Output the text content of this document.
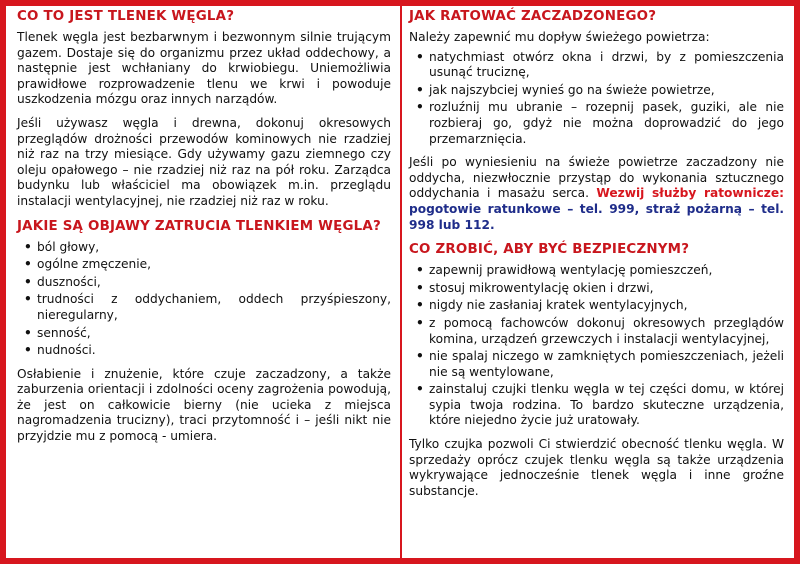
CO TO JEST TLENEK WĘGLA?

Tlenek węgla jest bezbarwnym i bezwonnym silnie trującym gazem. Dostaje się do organizmu przez układ oddechowy, a następnie jest wchłaniany do krwiobiegu. Uniemożliwia prawidłowe rozprowadzenie tlenu we krwi i powoduje uszkodzenia mózgu oraz innych narządów.

Jeśli używasz węgla i drewna, dokonuj okresowych przeglądów drożności przewodów kominowych nie rzadziej niż raz na trzy miesiące. Gdy używamy gazu ziemnego czy oleju opałowego – nie rzadziej niż raz na pół roku. Zarządca budynku lub właściciel ma obowiązek m.in. przeglądu instalacji wentylacyjnej, nie rzadziej niż raz w roku.

JAKIE SĄ OBJAWY ZATRUCIA TLENKIEM WĘGLA?
• ból głowy,
• ogólne zmęczenie,
• duszności,
• trudności z oddychaniem, oddech przyśpieszony, nieregularny,
• senność,
• nudności.

Osłabienie i znużenie, które czuje zaczadzony, a także zaburzenia orientacji i zdolności oceny zagrożenia powodują, że jest on całkowicie bierny (nie ucieka z miejsca nagromadzenia trucizny), traci przytomność i – jeśli nikt nie przyjdzie mu z pomocą - umiera.

JAK RATOWAĆ ZACZADZONEGO?

Należy zapewnić mu dopływ świeżego powietrza:

• natychmiast otwórz okna i drzwi, by z pomieszczenia usunąć truciznę,
• jak najszybciej wynieś go na świeże powietrze,
• rozluźnij mu ubranie – rozepnij pasek, guziki, ale nie rozbieraj go, gdyż nie można doprowadzić do jego przemarznięcia.

Jeśli po wyniesieniu na świeże powietrze zaczadzony nie oddycha, niezwłocznie przystąp do wykonania sztucznego oddychania i masażu serca. Wezwij służby ratownicze: pogotowie ratunkowe – tel. 999, straż pożarną – tel. 998 lub 112.

CO ZROBIĆ, ABY BYĆ BEZPIECZNYM?
• zapewnij prawidłową wentylację pomieszczeń,
• stosuj mikrowentylację okien i drzwi,
• nigdy nie zasłaniaj kratek wentylacyjnych,
• z pomocą fachowców dokonuj okresowych przeglądów komina, urządzeń grzewczych i instalacji wentylacyjnej,
• nie spalaj niczego w zamkniętych pomieszczeniach, jeżeli nie są wentylowane,
• zainstaluj czujki tlenku węgla w tej części domu, w której sypia twoja rodzina. To bardzo skuteczne urządzenia, które niejedno życie już uratowały.

Tylko czujka pozwoli Ci stwierdzić obecność tlenku węgla. W sprzedaży oprócz czujek tlenku węgla są także urządzenia wykrywające jednocześnie tlenek węgla i inne groźne substancje.
